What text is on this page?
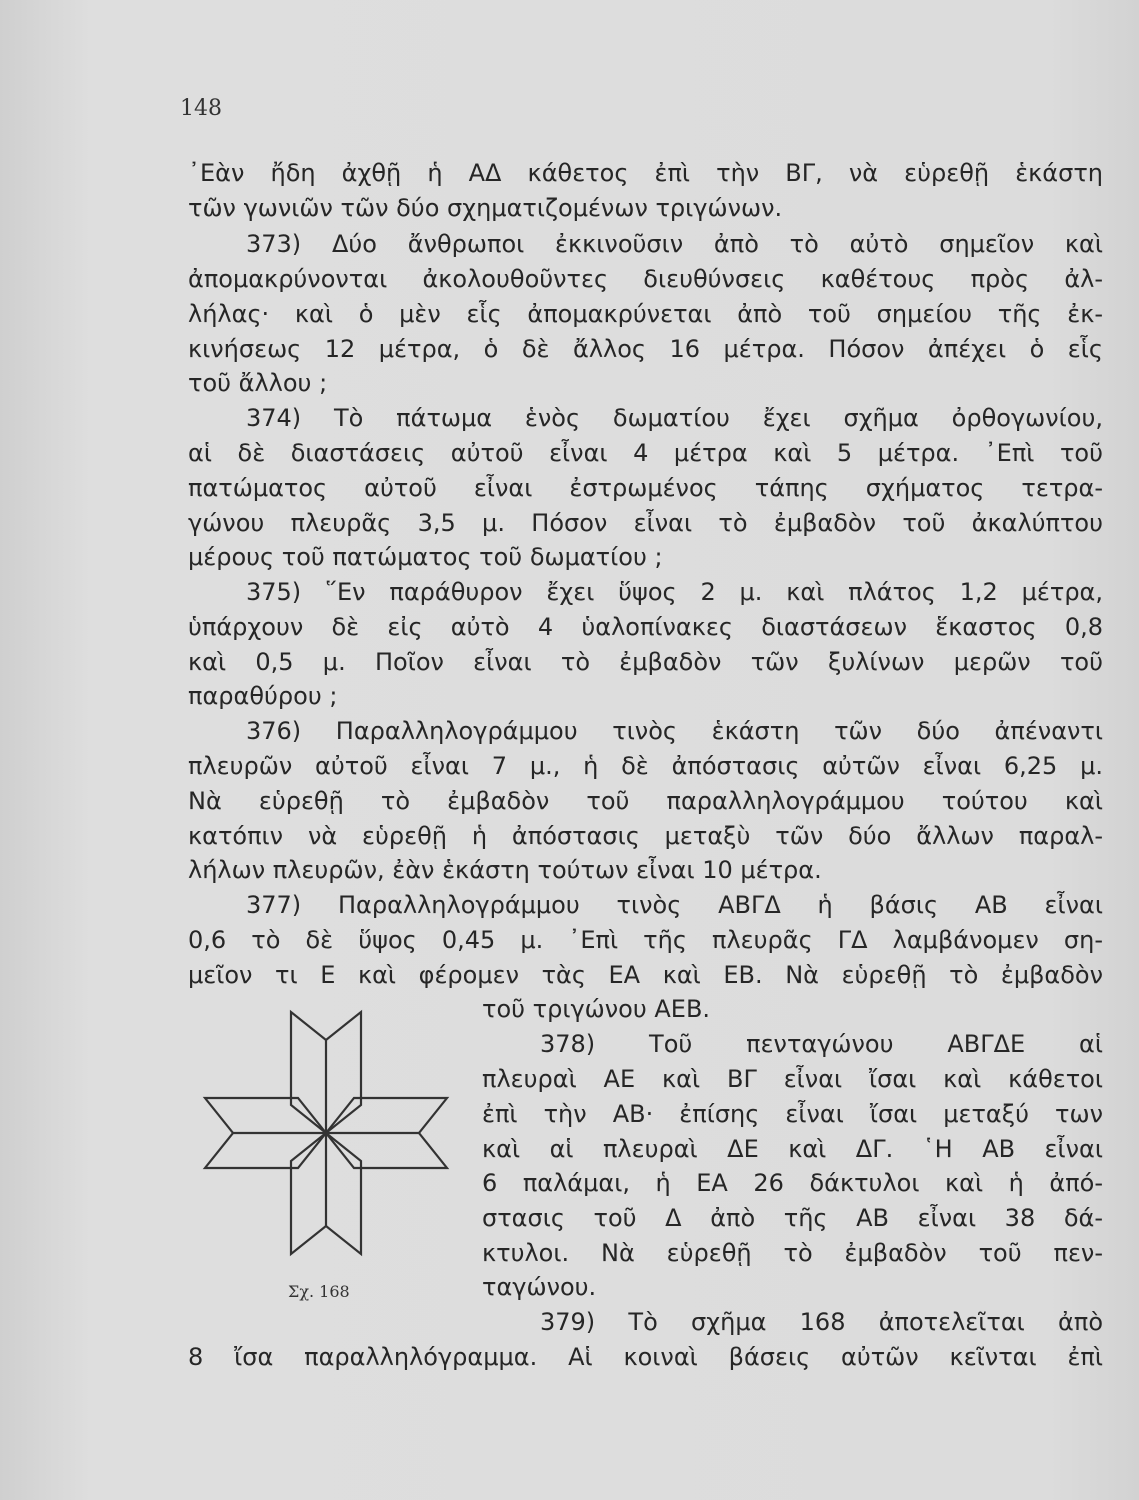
148
᾿Εὰν ἤδη ἀχθῇ ἡ ΑΔ κάθετος ἐπὶ τὴν ΒΓ, νὰ εὑρεθῇ ἑκάστη
τῶν γωνιῶν τῶν δύο σχηματιζομένων τριγώνων.
373) Δύο ἄνθρωποι ἐκκινοῦσιν ἀπὸ τὸ αὐτὸ σημεῖον καὶ
ἀπομακρύνονται ἀκολουθοῦντες διευθύνσεις καθέτους πρὸς ἀλ-
λήλας· καὶ ὁ μὲν εἷς ἀπομακρύνεται ἀπὸ τοῦ σημείου τῆς ἐκ-
κινήσεως 12 μέτρα, ὁ δὲ ἄλλος 16 μέτρα. Πόσον ἀπέχει ὁ εἷς
τοῦ ἄλλου ;
374) Τὸ πάτωμα ἑνὸς δωματίου ἔχει σχῆμα ὀρθογωνίου,
αἱ δὲ διαστάσεις αὐτοῦ εἶναι 4 μέτρα καὶ 5 μέτρα. ᾿Επὶ τοῦ
πατώματος αὐτοῦ εἶναι ἐστρωμένος τάπης σχήματος τετρα-
γώνου πλευρᾶς 3,5 μ. Πόσον εἶναι τὸ ἐμβαδὸν τοῦ ἀκαλύπτου
μέρους τοῦ πατώματος τοῦ δωματίου ;
375) ῞Εν παράθυρον ἔχει ὕψος 2 μ. καὶ πλάτος 1,2 μέτρα,
ὑπάρχουν δὲ εἰς αὐτὸ 4 ὑαλοπίνακες διαστάσεων ἕκαστος 0,8
καὶ 0,5 μ. Ποῖον εἶναι τὸ ἐμβαδὸν τῶν ξυλίνων μερῶν τοῦ
παραθύρου ;
376) Παραλληλογράμμου τινὸς ἑκάστη τῶν δύο ἀπέναντι
πλευρῶν αὐτοῦ εἶναι 7 μ., ἡ δὲ ἀπόστασις αὐτῶν εἶναι 6,25 μ.
Νὰ εὑρεθῇ τὸ ἐμβαδὸν τοῦ παραλληλογράμμου τούτου καὶ
κατόπιν νὰ εὑρεθῇ ἡ ἀπόστασις μεταξὺ τῶν δύο ἄλλων παραλ-
λήλων πλευρῶν, ἐὰν ἑκάστη τούτων εἶναι 10 μέτρα.
377) Παραλληλογράμμου τινὸς ΑΒΓΔ ἡ βάσις ΑΒ εἶναι
0,6 τὸ δὲ ὕψος 0,45 μ. ᾿Επὶ τῆς πλευρᾶς ΓΔ λαμβάνομεν ση-
μεῖον τι Ε καὶ φέρομεν τὰς ΕΑ καὶ ΕΒ. Νὰ εὑρεθῇ τὸ ἐμβαδὸν
τοῦ τριγώνου ΑΕΒ.
378) Τοῦ πενταγώνου ΑΒΓΔΕ αἱ
πλευραὶ ΑΕ καὶ ΒΓ εἶναι ἴσαι καὶ κάθετοι
ἐπὶ τὴν ΑΒ· ἐπίσης εἶναι ἴσαι μεταξύ των
καὶ αἱ πλευραὶ ΔΕ καὶ ΔΓ. ῾Η ΑΒ εἶναι
6 παλάμαι, ἡ ΕΑ 26 δάκτυλοι καὶ ἡ ἀπό-
στασις τοῦ Δ ἀπὸ τῆς ΑΒ εἶναι 38 δά-
κτυλοι. Νὰ εὑρεθῇ τὸ ἐμβαδὸν τοῦ πεν-
ταγώνου.
379) Τὸ σχῆμα 168 ἀποτελεῖται ἀπὸ
8 ἴσα παραλληλόγραμμα. Αἱ κοιναὶ βάσεις αὐτῶν κεῖνται ἐπὶ
Σχ. 168
